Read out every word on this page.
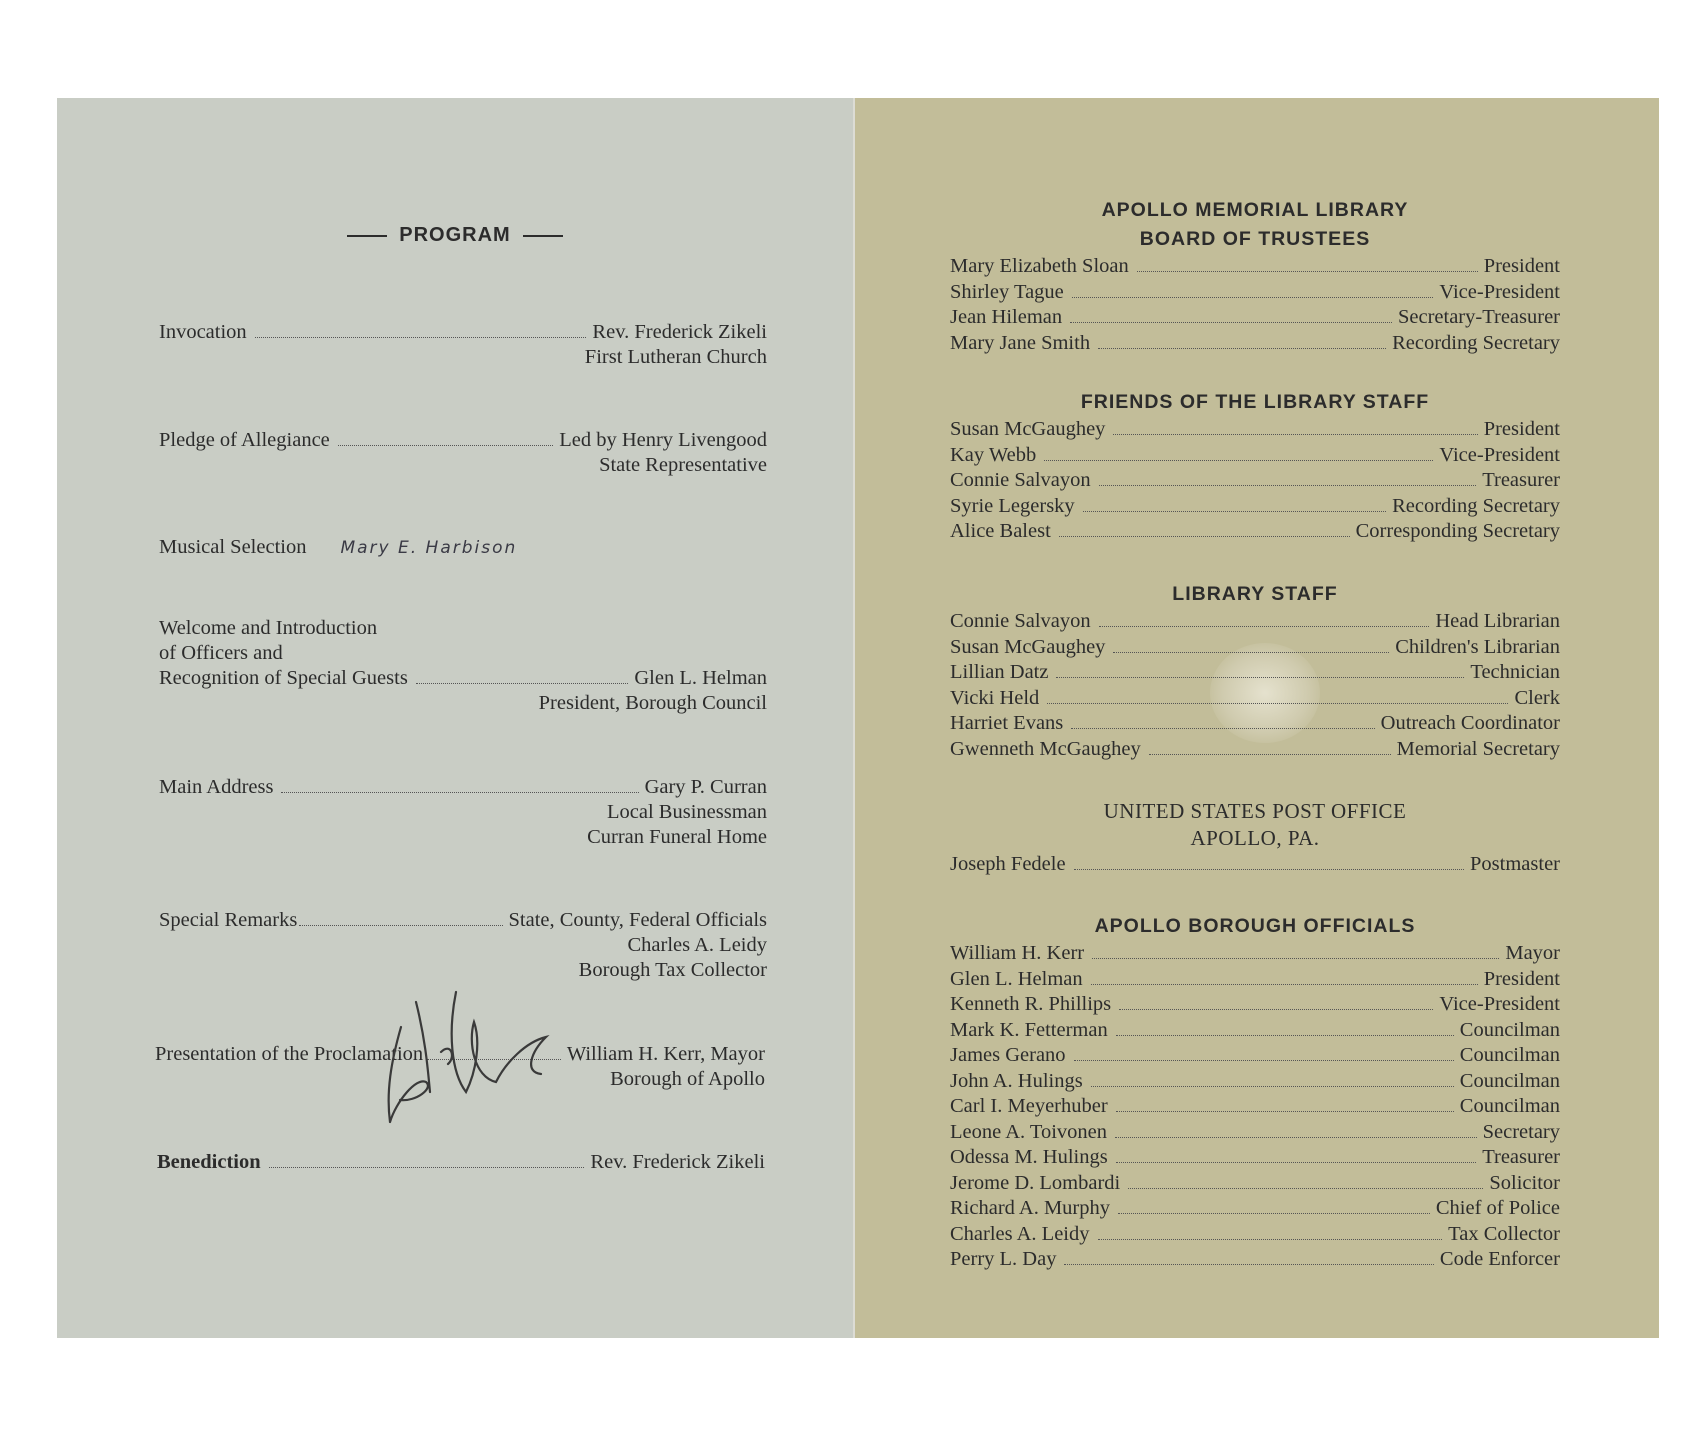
PROGRAM
Invocation	Rev. Frederick Zikeli
First Lutheran Church
Pledge of Allegiance	Led by Henry Livengood
State Representative
Musical Selection Mary E. Harbison
Welcome and Introduction
of Officers and
Recognition of Special Guests	Glen L. Helman
President, Borough Council
Main Address	Gary P. Curran
Local Businessman
Curran Funeral Home
Special Remarks	State, County, Federal Officials
Charles A. Leidy
Borough Tax Collector
Presentation of the Proclamation	William H. Kerr, Mayor
Borough of Apollo
Benediction	Rev. Frederick Zikeli
APOLLO MEMORIAL LIBRARY
BOARD OF TRUSTEES
Mary Elizabeth Sloan	President
Shirley Tague	Vice-President
Jean Hileman	Secretary-Treasurer
Mary Jane Smith	Recording Secretary
FRIENDS OF THE LIBRARY STAFF
Susan McGaughey	President
Kay Webb	Vice-President
Connie Salvayon	Treasurer
Syrie Legersky	Recording Secretary
Alice Balest	Corresponding Secretary
LIBRARY STAFF
Connie Salvayon	Head Librarian
Susan McGaughey	Children's Librarian
Lillian Datz	Technician
Vicki Held	Clerk
Harriet Evans	Outreach Coordinator
Gwenneth McGaughey	Memorial Secretary
UNITED STATES POST OFFICE
APOLLO, PA.
Joseph Fedele	Postmaster
APOLLO BOROUGH OFFICIALS
William H. Kerr	Mayor
Glen L. Helman	President
Kenneth R. Phillips	Vice-President
Mark K. Fetterman	Councilman
James Gerano	Councilman
John A. Hulings	Councilman
Carl I. Meyerhuber	Councilman
Leone A. Toivonen	Secretary
Odessa M. Hulings	Treasurer
Jerome D. Lombardi	Solicitor
Richard A. Murphy	Chief of Police
Charles A. Leidy	Tax Collector
Perry L. Day	Code Enforcer
